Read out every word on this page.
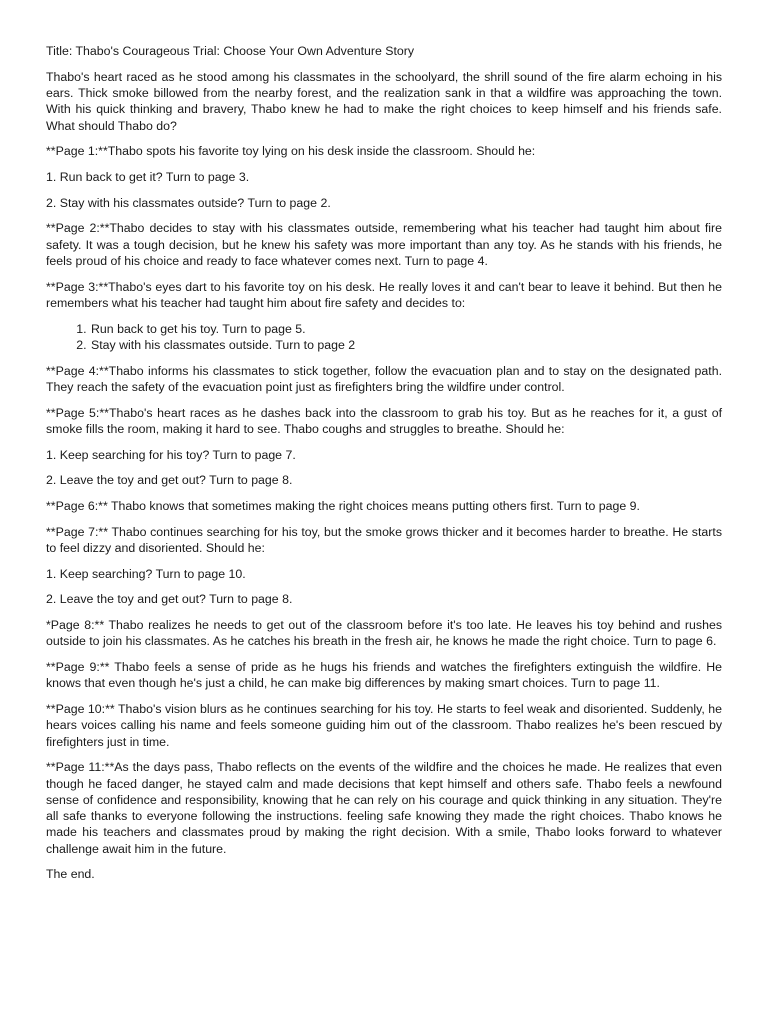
Title: Thabo's Courageous Trial: Choose Your Own Adventure Story

Thabo's heart raced as he stood among his classmates in the schoolyard, the shrill sound of the fire alarm echoing in his ears. Thick smoke billowed from the nearby forest, and the realization sank in that a wildfire was approaching the town. With his quick thinking and bravery, Thabo knew he had to make the right choices to keep himself and his friends safe. What should Thabo do?

**Page 1:**Thabo spots his favorite toy lying on his desk inside the classroom. Should he:

1. Run back to get it? Turn to page 3.

2. Stay with his classmates outside? Turn to page 2.

**Page 2:**Thabo decides to stay with his classmates outside, remembering what his teacher had taught him about fire safety. It was a tough decision, but he knew his safety was more important than any toy. As he stands with his friends, he feels proud of his choice and ready to face whatever comes next. Turn to page 4.

**Page 3:**Thabo's eyes dart to his favorite toy on his desk. He really loves it and can't bear to leave it behind. But then he remembers what his teacher had taught him about fire safety and decides to:

1. Run back to get his toy. Turn to page 5.
2. Stay with his classmates outside. Turn to page 2

**Page 4:**Thabo informs his classmates to stick together, follow the evacuation plan and to stay on the designated path. They reach the safety of the evacuation point just as firefighters bring the wildfire under control.

**Page 5:**Thabo's heart races as he dashes back into the classroom to grab his toy. But as he reaches for it, a gust of smoke fills the room, making it hard to see. Thabo coughs and struggles to breathe. Should he:

1. Keep searching for his toy? Turn to page 7.

2. Leave the toy and get out? Turn to page 8.

**Page 6:** Thabo knows that sometimes making the right choices means putting others first. Turn to page 9.

**Page 7:** Thabo continues searching for his toy, but the smoke grows thicker and it becomes harder to breathe. He starts to feel dizzy and disoriented. Should he:

1. Keep searching? Turn to page 10.

2. Leave the toy and get out? Turn to page 8.

*Page 8:** Thabo realizes he needs to get out of the classroom before it's too late. He leaves his toy behind and rushes outside to join his classmates. As he catches his breath in the fresh air, he knows he made the right choice. Turn to page 6.

**Page 9:** Thabo feels a sense of pride as he hugs his friends and watches the firefighters extinguish the wildfire. He knows that even though he's just a child, he can make big differences by making smart choices. Turn to page 11.

**Page 10:** Thabo's vision blurs as he continues searching for his toy. He starts to feel weak and disoriented. Suddenly, he hears voices calling his name and feels someone guiding him out of the classroom. Thabo realizes he's been rescued by firefighters just in time.

**Page 11:**As the days pass, Thabo reflects on the events of the wildfire and the choices he made. He realizes that even though he faced danger, he stayed calm and made decisions that kept himself and others safe. Thabo feels a newfound sense of confidence and responsibility, knowing that he can rely on his courage and quick thinking in any situation. They're all safe thanks to everyone following the instructions. feeling safe knowing they made the right choices. Thabo knows he made his teachers and classmates proud by making the right decision. With a smile, Thabo looks forward to whatever challenge await him in the future.

The end.
